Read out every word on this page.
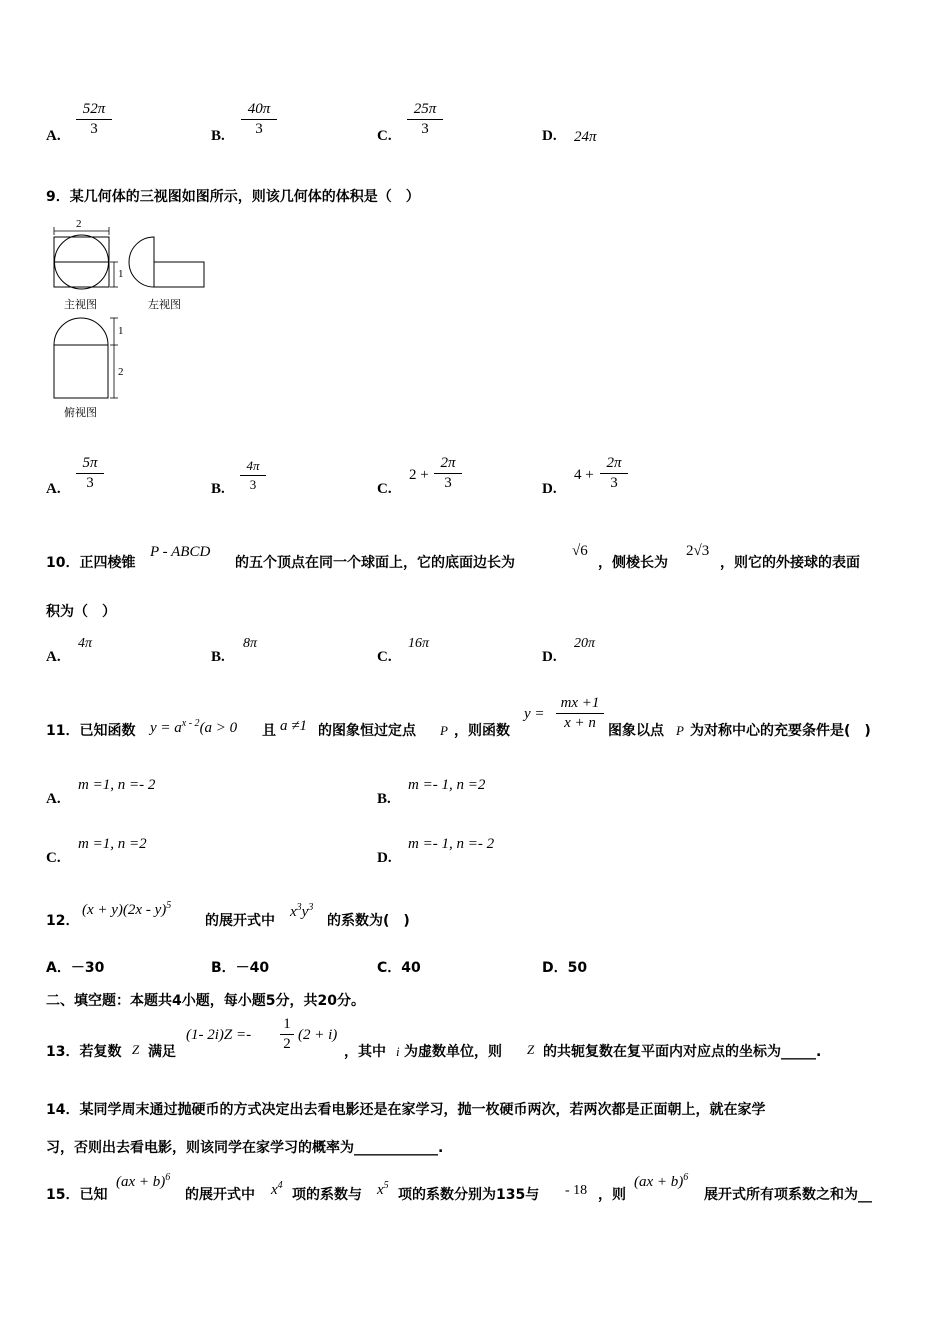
A.
52π
3	B.
40π
3	C.
25π
3	D. 24π
9．某几何体的三视图如图所示，则该几何体的体积是（　）
2
1
1
2
主视图	左视图
俯视图
A.
5π
3	B.
4π
3	C.
2 +
2π
3	D.
4 +
2π
3
10．正四棱锥
P - ABCD
的五个顶点在同一个球面上，它的底面边长为
√6
，侧棱长为
2√3
，则它的外接球的表面
积为（　）
A.
4π
B.
8π
C.
16π
D.
20π
11．已知函数 $y = a^{x - 2}(a > 0$ 且 a ≠1 的图象恒过定点 P ，则函数
y =
mx +1
x + n 图象以点 P 为对称中心的充要条件是(　)
A.
m =1, n =- 2
B.
m =- 1, n =2
C.
m =1, n =2
D.
m =- 1, n =- 2
12．
(x + y)(2x - y)$^5$
的展开式中
$x^3y^3$
的系数为(　)
A．－30	B．－40	C．40	D．50
二、填空题：本题共4小题，每小题5分，共20分。
13．若复数 Z 满足
(1- 2i)Z =-
1
2
(2 + i)
，其中 i 为虚数单位，则 Z 的共轭复数在复平面内对应点的坐标为_____.
14．某同学周末通过抛硬币的方式决定出去看电影还是在家学习，抛一枚硬币两次，若两次都是正面朝上，就在家学
习，否则出去看电影，则该同学在家学习的概率为____________.
15．已知
(ax + b)$^6$
的展开式中 $x^4$
项的系数与 $x^5$
项的系数分别为135与 - 18 ，则
(ax + b)$^6$
展开式所有项系数之和为__
